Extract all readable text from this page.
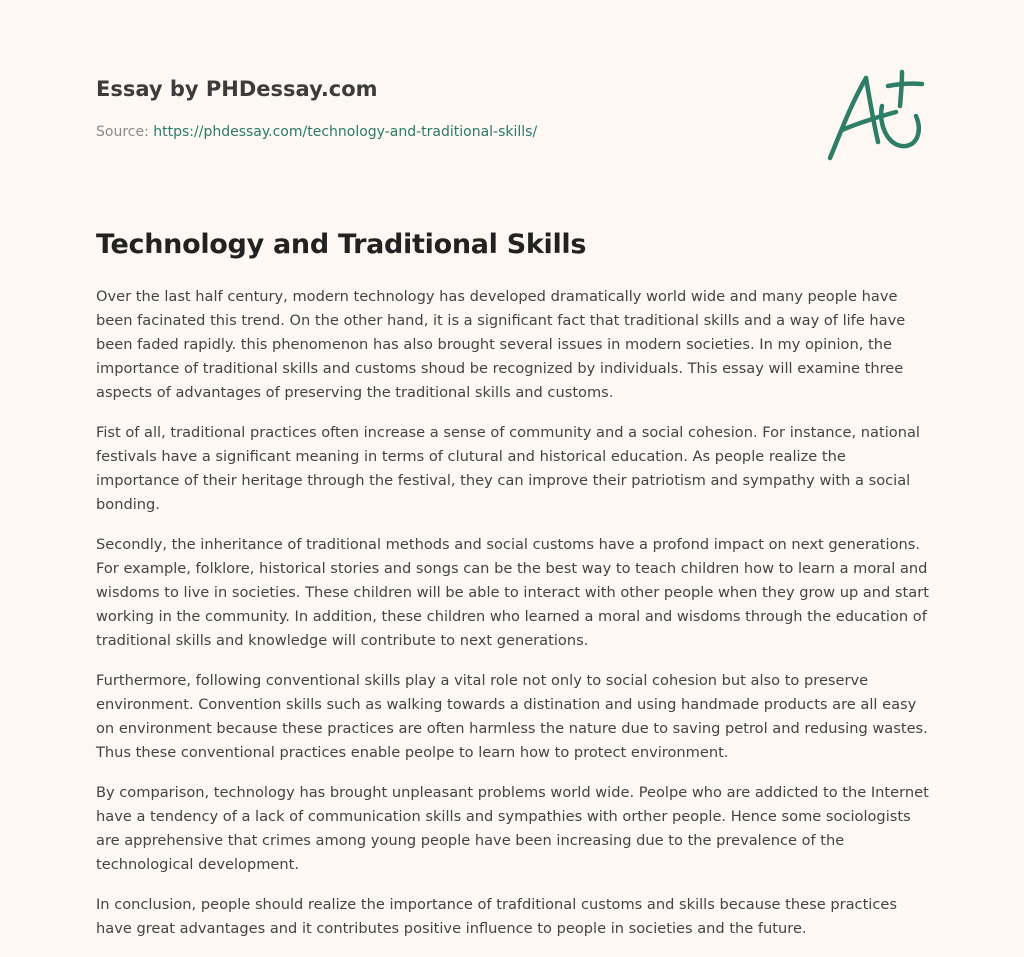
Essay by PHDessay.com
Source: https://phdessay.com/technology-and-traditional-skills/
Technology and Traditional Skills

Over the last half century, modern technology has developed dramatically world wide and many people have been facinated this trend. On the other hand, it is a significant fact that traditional skills and a way of life have been faded rapidly. this phenomenon has also brought several issues in modern societies. In my opinion, the importance of traditional skills and customs shoud be recognized by individuals. This essay will examine three aspects of advantages of preserving the traditional skills and customs.

Fist of all, traditional practices often increase a sense of community and a social cohesion. For instance, national festivals have a significant meaning in terms of clutural and historical education. As people realize the importance of their heritage through the festival, they can improve their patriotism and sympathy with a social bonding.

Secondly, the inheritance of traditional methods and social customs have a profond impact on next generations. For example, folklore, historical stories and songs can be the best way to teach children how to learn a moral and wisdoms to live in societies. These children will be able to interact with other people when they grow up and start working in the community. In addition, these children who learned a moral and wisdoms through the education of traditional skills and knowledge will contribute to next generations.

Furthermore, following conventional skills play a vital role not only to social cohesion but also to preserve environment. Convention skills such as walking towards a distination and using handmade products are all easy on environment because these practices are often harmless the nature due to saving petrol and redusing wastes. Thus these conventional practices enable peolpe to learn how to protect environment.

By comparison, technology has brought unpleasant problems world wide. Peolpe who are addicted to the Internet have a tendency of a lack of communication skills and sympathies with orther people. Hence some sociologists are apprehensive that crimes among young people have been increasing due to the prevalence of the technological development.

In conclusion, people should realize the importance of trafditional customs and skills because these practices have great advantages and it contributes positive influence to people in societies and the future.
